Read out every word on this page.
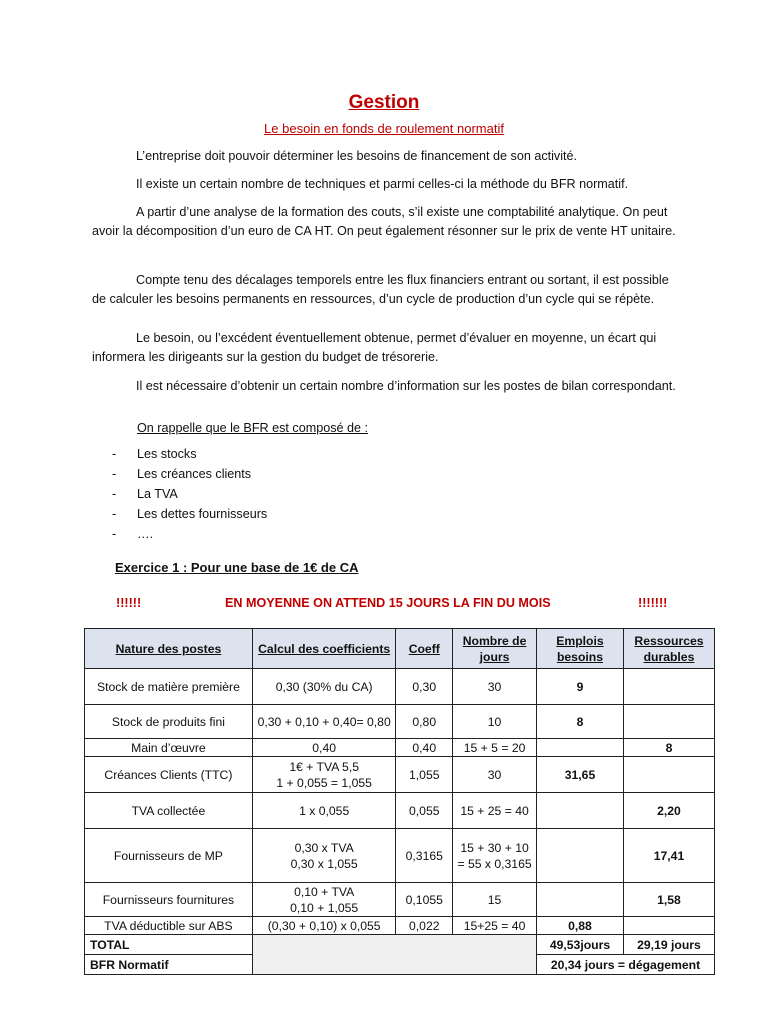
Gestion
Le besoin en fonds de roulement normatif

L’entreprise doit pouvoir déterminer les besoins de financement de son activité.

Il existe un certain nombre de techniques et parmi celles-ci la méthode du BFR normatif.

A partir d’une analyse de la formation des couts, s’il existe une comptabilité analytique. On peut avoir la décomposition d’un euro de CA HT. On peut également résonner sur le prix de vente HT unitaire.

Compte tenu des décalages temporels entre les flux financiers entrant ou sortant, il est possible de calculer les besoins permanents en ressources, d’un cycle de production d’un cycle qui se répète.

Le besoin, ou l’excédent éventuellement obtenue, permet d’évaluer en moyenne, un écart qui informera les dirigeants sur la gestion du budget de trésorerie.

Il est nécessaire d’obtenir un certain nombre d’information sur les postes de bilan correspondant.

On rappelle que le BFR est composé de :

- Les stocks
- Les créances clients
- La TVA
- Les dettes fournisseurs
- ….
Exercice 1 : Pour une base de 1€ de CA
!!!!!!	EN MOYENNE ON ATTEND 15 JOURS LA FIN DU MOIS	!!!!!!!
Nature des postes	Calcul des coefficients	Coeff	Nombre de jours	Emplois besoins	Ressources durables
Stock de matière première	0,30 (30% du CA)	0,30	30	9	
Stock de produits fini	0,30 + 0,10 + 0,40= 0,80	0,80	10	8	
Main d’œuvre	0,40	0,40	15 + 5 = 20		8
Créances Clients (TTC)	1€ + TVA 5,5
1 + 0,055 = 1,055	1,055	30	31,65	
TVA collectée	1 x 0,055	0,055	15 + 25 = 40		2,20
Fournisseurs de MP	0,30 x TVA
0,30 x 1,055	0,3165	15 + 30 + 10 = 55 x 0,3165		17,41
Fournisseurs fournitures	0,10 + TVA
0,10 + 1,055	0,1055	15		1,58
TVA déductible sur ABS	(0,30 + 0,10) x 0,055	0,022	15+25 = 40	0,88	
TOTAL				49,53jours	29,19 jours
BFR Normatif				20,34 jours = dégagement	
